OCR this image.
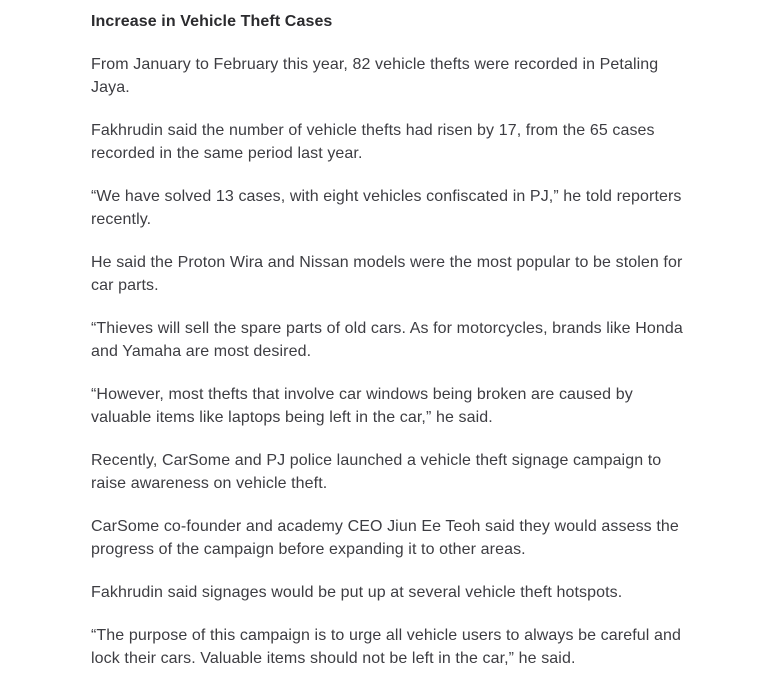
Increase in Vehicle Theft Cases

From January to February this year, 82 vehicle thefts were recorded in Petaling Jaya.

Fakhrudin said the number of vehicle thefts had risen by 17, from the 65 cases recorded in the same period last year.

“We have solved 13 cases, with eight vehicles confiscated in PJ,” he told reporters recently.

He said the Proton Wira and Nissan models were the most popular to be stolen for car parts.

“Thieves will sell the spare parts of old cars. As for motorcycles, brands like Honda and Yamaha are most desired.

“However, most thefts that involve car windows being broken are caused by valuable items like laptops being left in the car,” he said.

Recently, CarSome and PJ police launched a vehicle theft signage campaign to raise awareness on vehicle theft.

CarSome co-founder and academy CEO Jiun Ee Teoh said they would assess the progress of the campaign before expanding it to other areas.

Fakhrudin said signages would be put up at several vehicle theft hotspots.

“The purpose of this campaign is to urge all vehicle users to always be careful and lock their cars. Valuable items should not be left in the car,” he said.
